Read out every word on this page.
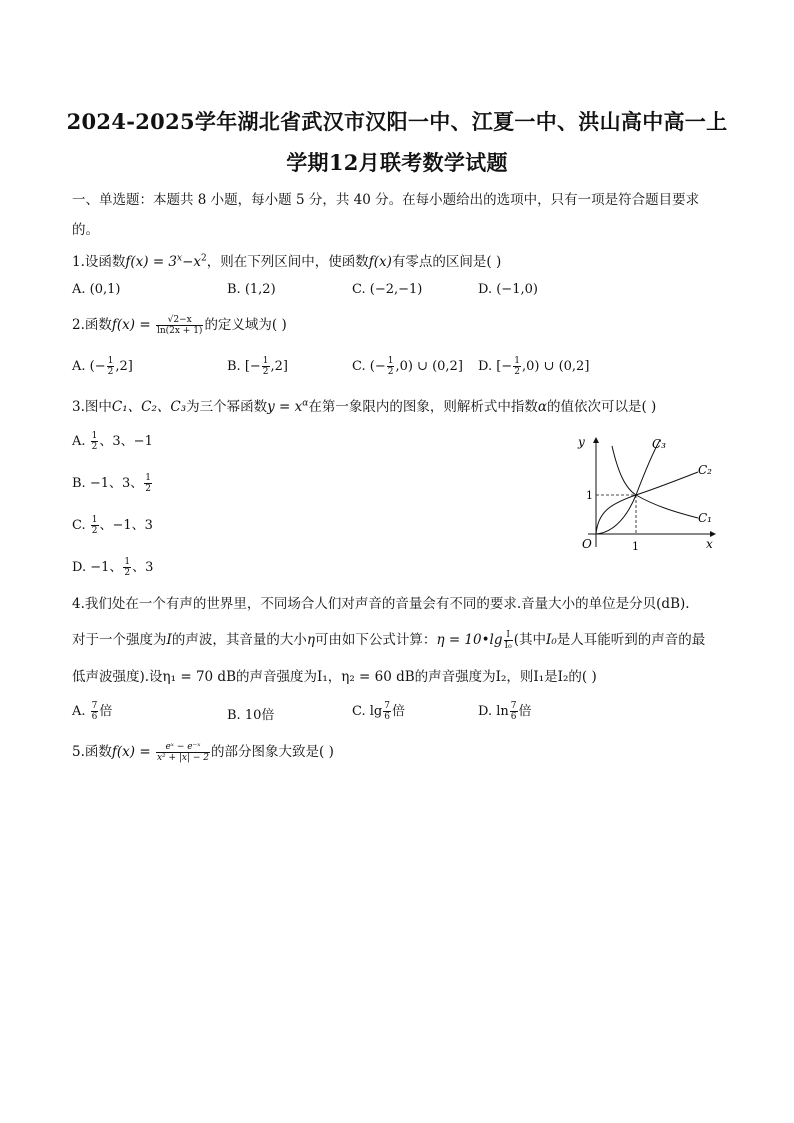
2024-2025学年湖北省武汉市汉阳一中、江夏一中、洪山高中高一上
学期12月联考数学试题
一、单选题：本题共 8 小题，每小题 5 分，共 40 分。在每小题给出的选项中，只有一项是符合题目要求
的。
1.设函数$f(x) = 3^x-x^2$，则在下列区间中，使函数f(x)有零点的区间是( )
A. (0,1)	B. (1,2)	C. (−2,−1)	D. (−1,0)
2.函数$f(x) = \frac{√2-x}{\ln(2x + 1)}$ 的定义域为( )
A. (− $\frac{1}{2} ,2$]	B. [− $\frac{1}{2} ,2$]	C. (− $\frac{1}{2} ,0$) ∪ (0,2] D. [− $\frac{1}{2} ,0$) ∪ (0,2]
3.图中C₁、C₂、C₃为三个幂函数$y = x^\alpha$在第一象限内的图象，则解析式中指数α的值依次可以是( )
A. $\frac{1}{2}$ 、3、−1
B. −1、3、 $\frac{1}{2}$
C. $\frac{1}{2}$ 、−1、3
D. −1、 $\frac{1}{2}$ 、3
y
x
O	1
1
C₃
C₂
C₁
4.我们处在一个有声的世界里，不同场合人们对声音的音量会有不同的要求.音量大小的单位是分贝(dB).
对于一个强度为I的声波，其音量的大小η可由如下公式计算：η = 10•lg $\frac{I}{\text{I₀}}$ (其中I₀是人耳能听到的声音的最
低声波强度).设η₁ = 70 dB的声音强度为I₁，η₂ = 60 dB的声音强度为I₂，则I₁是I₂的( )
A. $\frac{7}{6}$ 倍	B. 10倍	C. $\lg \frac{7}{6}$ 倍	D. $\ln \frac{7}{6}$ 倍
5.函数$f(x) = \frac{\text{eˣ − e⁻ˣ}}{\text{x² + |x| − 2}}$ 的部分图象大致是( )
